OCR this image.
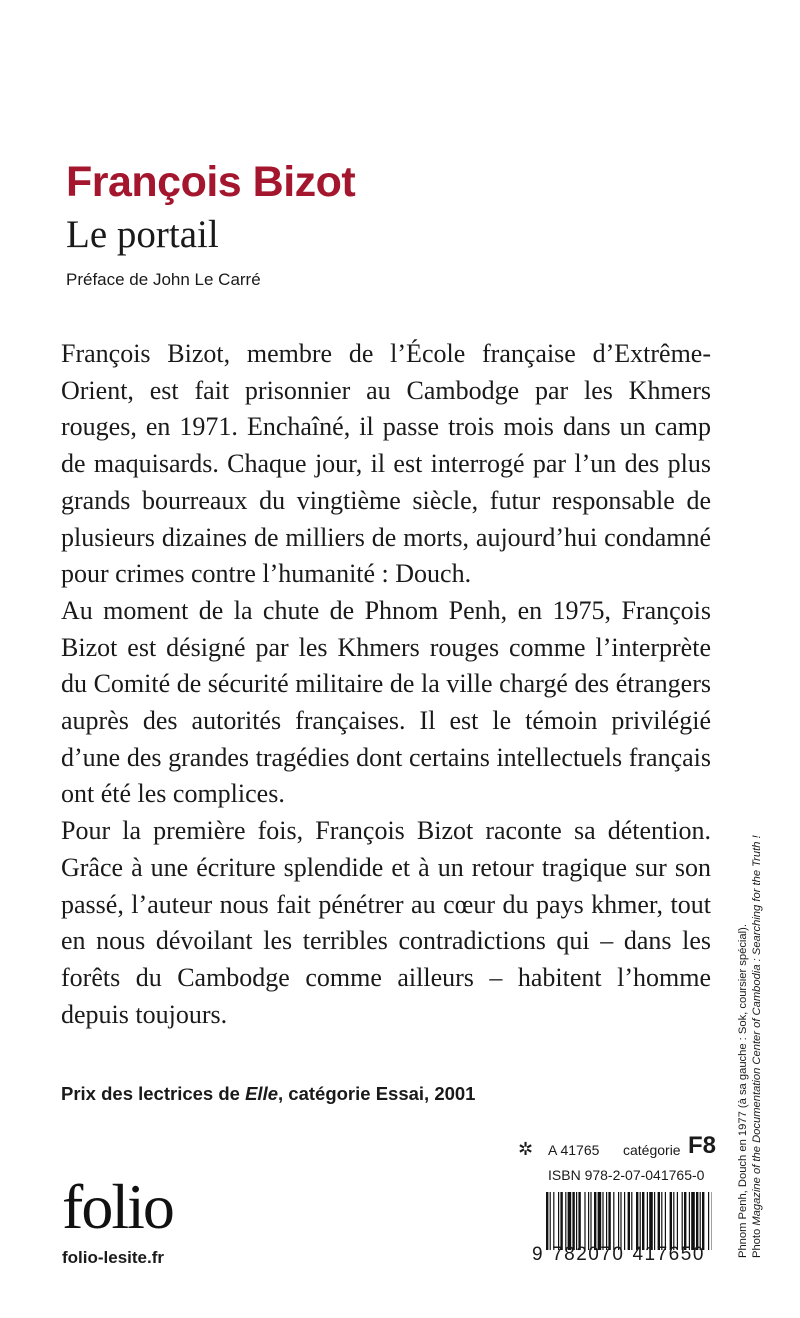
François Bizot
Le portail
Préface de John Le Carré

François Bizot, membre de l’École française d’Extrême-Orient, est fait prisonnier au Cambodge par les Khmers rouges, en 1971. Enchaîné, il passe trois mois dans un camp de maquisards. Chaque jour, il est interrogé par l’un des plus grands bourreaux du vingtième siècle, futur responsable de plusieurs dizaines de milliers de morts, aujourd’hui condamné pour crimes contre l’humanité : Douch.

Au moment de la chute de Phnom Penh, en 1975, François Bizot est désigné par les Khmers rouges comme l’interprète du Comité de sécurité militaire de la ville chargé des étrangers auprès des autorités françaises. Il est le témoin privilégié d’une des grandes tragédies dont certains intellectuels français ont été les complices.

Pour la première fois, François Bizot raconte sa détention. Grâce à une écriture splendide et à un retour tragique sur son passé, l’auteur nous fait pénétrer au cœur du pays khmer, tout en nous dévoilant les terribles contradictions qui – dans les forêts du Cambodge comme ailleurs – habitent l’homme depuis toujours.

Prix des lectrices de Elle, catégorie Essai, 2001
folio
folio-lesite.fr
✲ A 41765 catégorie F8
ISBN 978-2-07-041765-0
9 782070 417650	Phnom Penh, Douch en 1977 (à sa gauche : Sok, coursier spécial). Photo Magazine of the Documentation Center of Cambodia : Searching for the Truth !
